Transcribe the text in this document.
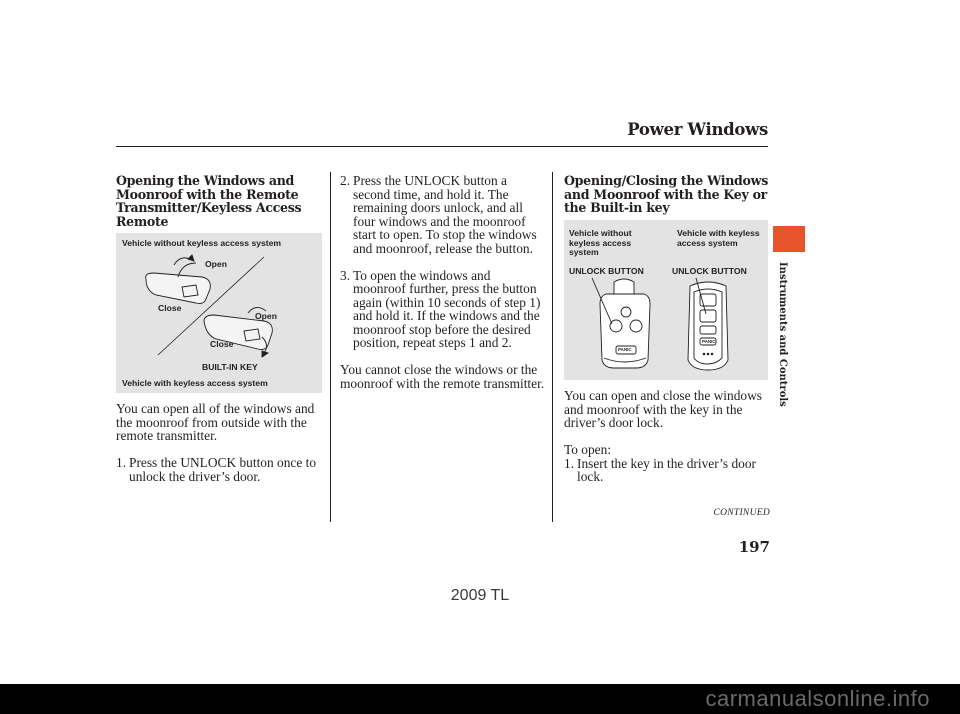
Power Windows
Opening the Windows and Moonroof with the Remote Transmitter/Keyless Access Remote
Vehicle without keyless access system
Open
Close
Open
Close
BUILT-IN KEY
Vehicle with keyless access system

You can open all of the windows and the moonroof from outside with the remote transmitter.

1. Press the UNLOCK button once to unlock the driver’s door.
2. Press the UNLOCK button a second time, and hold it. The remaining doors unlock, and all four windows and the moonroof start to open. To stop the windows and moonroof, release the button.
3. To open the windows and moonroof further, press the button again (within 10 seconds of step 1) and hold it. If the windows and the moonroof stop before the desired position, repeat steps 1 and 2.

You cannot close the windows or the moonroof with the remote transmitter.

Opening/Closing the Windows and Moonroof with the Key or the Built-in key
Vehicle without keyless access system
Vehicle with keyless access system
UNLOCK BUTTON	UNLOCK BUTTON
PANIC
PANIC

You can open and close the windows and moonroof with the key in the driver’s door lock.

To open:

1. Insert the key in the driver’s door lock.
Instruments and Controls
CONTINUED
197
2009 TL
carmanualsonline.info
